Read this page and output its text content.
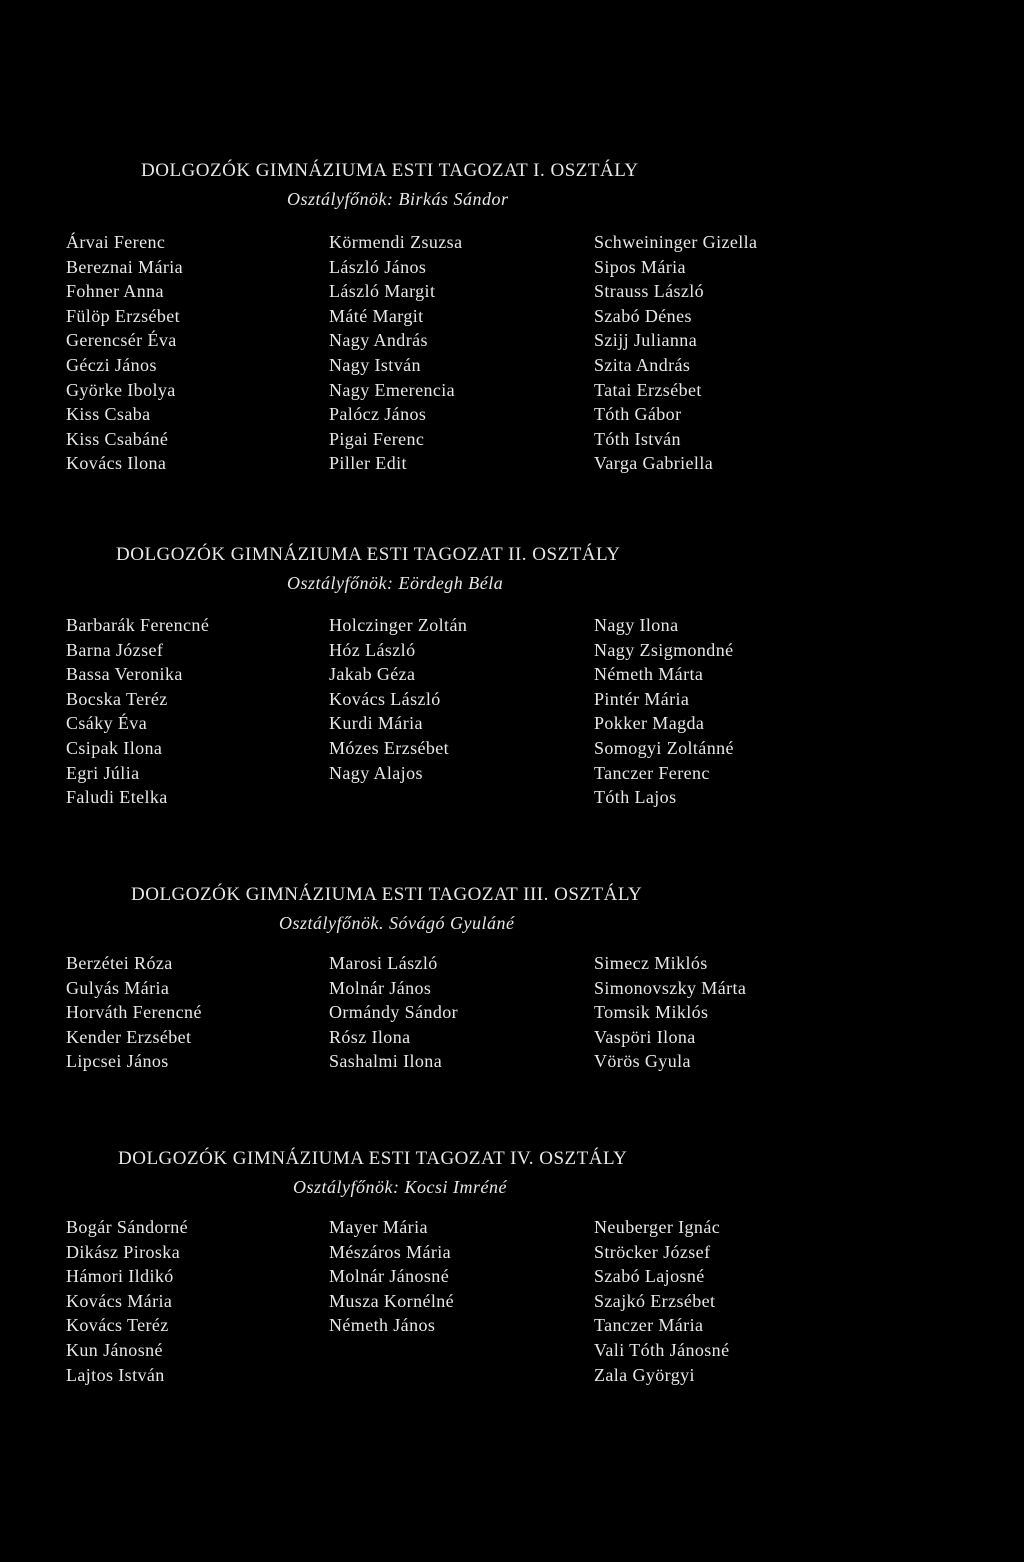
DOLGOZÓK GIMNÁZIUMA ESTI TAGOZAT I. OSZTÁLY
Osztályfőnök: Birkás Sándor
Árvai Ferenc
Bereznai Mária
Fohner Anna
Fülöp Erzsébet
Gerencsér Éva
Géczi János
Györke Ibolya
Kiss Csaba
Kiss Csabáné
Kovács Ilona
Körmendi Zsuzsa
László János
László Margit
Máté Margit
Nagy András
Nagy István
Nagy Emerencia
Palócz János
Pigai Ferenc
Piller Edit
Schweininger Gizella
Sipos Mária
Strauss László
Szabó Dénes
Szijj Julianna
Szita András
Tatai Erzsébet
Tóth Gábor
Tóth István
Varga Gabriella
DOLGOZÓK GIMNÁZIUMA ESTI TAGOZAT II. OSZTÁLY
Osztályfőnök: Eördegh Béla
Barbarák Ferencné
Barna József
Bassa Veronika
Bocska Teréz
Csáky Éva
Csipak Ilona
Egri Júlia
Faludi Etelka
Holczinger Zoltán
Hóz László
Jakab Géza
Kovács László
Kurdi Mária
Mózes Erzsébet
Nagy Alajos
Nagy Ilona
Nagy Zsigmondné
Németh Márta
Pintér Mária
Pokker Magda
Somogyi Zoltánné
Tanczer Ferenc
Tóth Lajos
DOLGOZÓK GIMNÁZIUMA ESTI TAGOZAT III. OSZTÁLY
Osztályfőnök. Sóvágó Gyuláné
Berzétei Róza
Gulyás Mária
Horváth Ferencné
Kender Erzsébet
Lipcsei János
Marosi László
Molnár János
Ormándy Sándor
Rósz Ilona
Sashalmi Ilona
Simecz Miklós
Simonovszky Márta
Tomsik Miklós
Vaspöri Ilona
Vörös Gyula
DOLGOZÓK GIMNÁZIUMA ESTI TAGOZAT IV. OSZTÁLY
Osztályfőnök: Kocsi Imréné
Bogár Sándorné
Dikász Piroska
Hámori Ildikó
Kovács Mária
Kovács Teréz
Kun Jánosné
Lajtos István
Mayer Mária
Mészáros Mária
Molnár Jánosné
Musza Kornélné
Németh János
Neuberger Ignác
Ströcker József
Szabó Lajosné
Szajkó Erzsébet
Tanczer Mária
Vali Tóth Jánosné
Zala Györgyi
